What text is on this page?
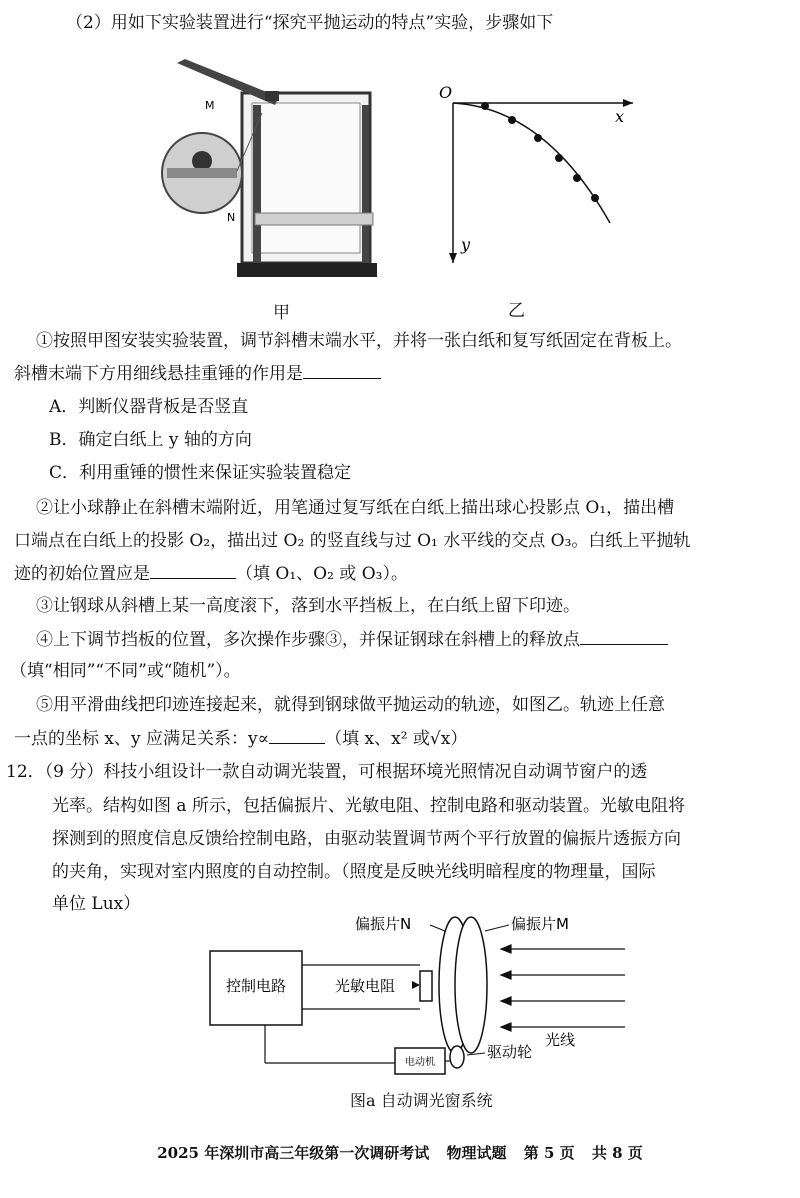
（2）用如下实验装置进行“探究平抛运动的特点”实验，步骤如下
M
N
甲
O
x
y
乙
①按照甲图安装实验装置，调节斜槽末端水平，并将一张白纸和复写纸固定在背板上。
斜槽末端下方用细线悬挂重锤的作用是
A．判断仪器背板是否竖直
B．确定白纸上 y 轴的方向
C．利用重锤的惯性来保证实验装置稳定
②让小球静止在斜槽末端附近，用笔通过复写纸在白纸上描出球心投影点 O₁，描出槽
口端点在白纸上的投影 O₂，描出过 O₂ 的竖直线与过 O₁ 水平线的交点 O₃。白纸上平抛轨
迹的初始位置应是	（填 O₁、O₂ 或 O₃）。
③让钢球从斜槽上某一高度滚下，落到水平挡板上，在白纸上留下印迹。
④上下调节挡板的位置，多次操作步骤③，并保证钢球在斜槽上的释放点
（填“相同”“不同”或“随机”）。
⑤用平滑曲线把印迹连接起来，就得到钢球做平抛运动的轨迹，如图乙。轨迹上任意
一点的坐标 x、y 应满足关系：y∝	（填 x、x² 或√x）
12．（9 分）科技小组设计一款自动调光装置，可根据环境光照情况自动调节窗户的透
光率。结构如图 a 所示，包括偏振片、光敏电阻、控制电路和驱动装置。光敏电阻将
探测到的照度信息反馈给控制电路，由驱动装置调节两个平行放置的偏振片透振方向
的夹角，实现对室内照度的自动控制。（照度是反映光线明暗程度的物理量，国际
单位 Lux）
控制电路	光敏电阻
偏振片N	偏振片M
光线
电动机
驱动轮
图a 自动调光窗系统
2025 年深圳市高三年级第一次调研考试 物理试题 第 5 页 共 8 页
